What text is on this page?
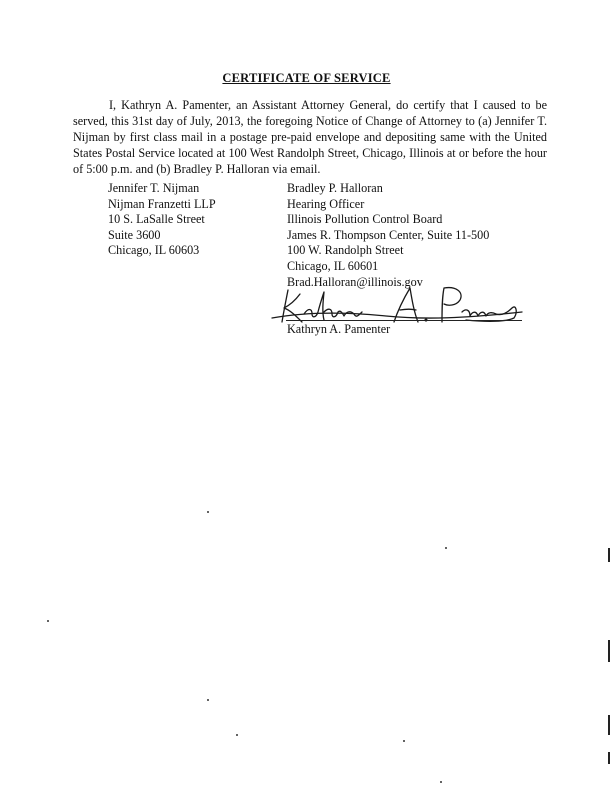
CERTIFICATE OF SERVICE
I, Kathryn A. Pamenter, an Assistant Attorney General, do certify that I caused to be served, this 31st day of July, 2013, the foregoing Notice of Change of Attorney to (a) Jennifer T. Nijman by first class mail in a postage pre-paid envelope and depositing same with the United States Postal Service located at 100 West Randolph Street, Chicago, Illinois at or before the hour of 5:00 p.m. and (b) Bradley P. Halloran via email.
Jennifer T. Nijman
Nijman Franzetti LLP
10 S. LaSalle Street
Suite 3600
Chicago, IL 60603
Bradley P. Halloran
Hearing Officer
Illinois Pollution Control Board
James R. Thompson Center, Suite 11-500
100 W. Randolph Street
Chicago, IL 60601
Brad.Halloran@illinois.gov
Kathryn A. Pamenter
